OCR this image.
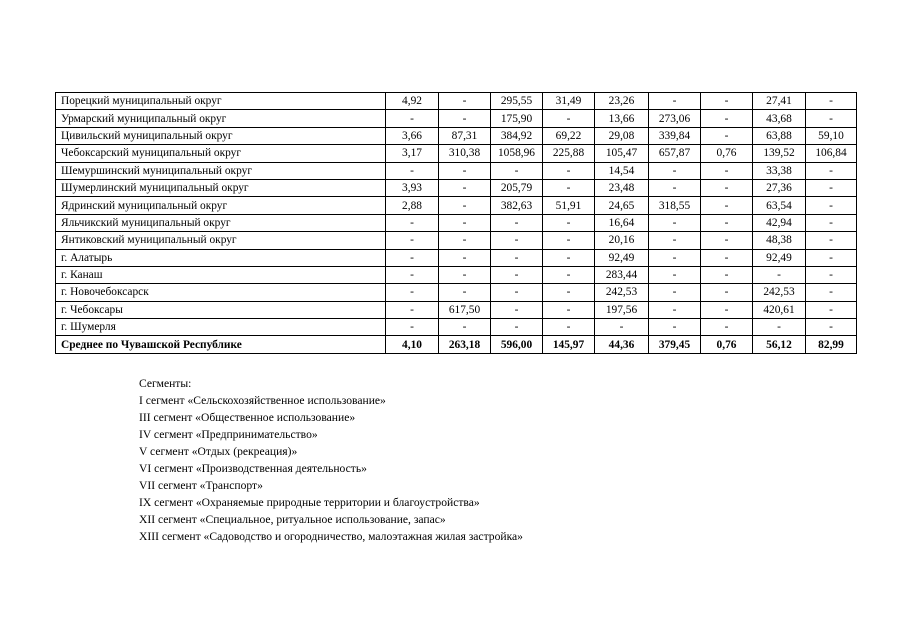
Порецкий муниципальный округ	4,92	-	295,55	31,49	23,26	-	-	27,41	-
Урмарский муниципальный округ	-	-	175,90	-	13,66	273,06	-	43,68	-
Цивильский муниципальный округ	3,66	87,31	384,92	69,22	29,08	339,84	-	63,88	59,10
Чебоксарский муниципальный округ	3,17	310,38	1058,96	225,88	105,47	657,87	0,76	139,52	106,84
Шемуршинский муниципальный округ	-	-	-	-	14,54	-	-	33,38	-
Шумерлинский муниципальный округ	3,93	-	205,79	-	23,48	-	-	27,36	-
Ядринский муниципальный округ	2,88	-	382,63	51,91	24,65	318,55	-	63,54	-
Яльчикский муниципальный округ	-	-	-	-	16,64	-	-	42,94	-
Янтиковский муниципальный округ	-	-	-	-	20,16	-	-	48,38	-
г. Алатырь	-	-	-	-	92,49	-	-	92,49	-
г. Канаш	-	-	-	-	283,44	-	-	-	-
г. Новочебоксарск	-	-	-	-	242,53	-	-	242,53	-
г. Чебоксары	-	617,50	-	-	197,56	-	-	420,61	-
г. Шумерля	-	-	-	-	-	-	-	-	-
Среднее по Чувашской Республике	4,10	263,18	596,00	145,97	44,36	379,45	0,76	56,12	82,99
Сегменты:
I сегмент «Сельскохозяйственное использование»
III сегмент «Общественное использование»
IV сегмент «Предпринимательство»
V сегмент «Отдых (рекреация)»
VI сегмент «Производственная деятельность»
VII сегмент «Транспорт»
IX сегмент «Охраняемые природные территории и благоустройства»
XII сегмент «Специальное, ритуальное использование, запас»
XIII сегмент «Садоводство и огородничество, малоэтажная жилая застройка»
